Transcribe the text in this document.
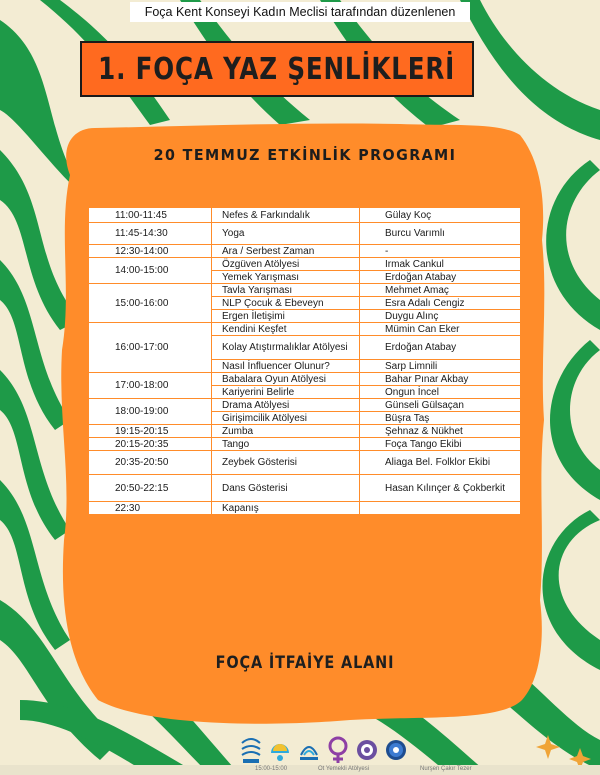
Foça Kent Konseyi Kadın Meclisi tarafından düzenlenen
1. FOÇA YAZ ŞENLİKLERİ
20 TEMMUZ ETKİNLİK PROGRAMI
11:00-11:45	Nefes & Farkındalık	Gülay Koç
11:45-14:30	Yoga	Burcu Varımlı
12:30-14:00	Ara / Serbest Zaman	-
14:00-15:00	Özgüven Atölyesi	Irmak Cankul
	Yemek Yarışması	Erdoğan Atabay
15:00-16:00	Tavla Yarışması	Mehmet Amaç
	NLP Çocuk & Ebeveyn	Esra Adalı Cengiz
	Ergen İletişimi	Duygu Alınç
16:00-17:00	Kendini Keşfet	Mümin Can Eker
	Kolay Atıştırmalıklar Atölyesi	Erdoğan Atabay
	Nasıl İnfluencer Olunur?	Sarp Limnili
17:00-18:00	Babalara Oyun Atölyesi	Bahar Pınar Akbay
	Kariyerini Belirle	Ongun İncel
18:00-19:00	Drama Atölyesi	Günseli Gülsaçan
	Girişimcilik Atölyesi	Büşra Taş
19:15-20:15	Zumba	Şehnaz & Nükhet
20:15-20:35	Tango	Foça Tango Ekibi
20:35-20:50	Zeybek Gösterisi	Aliaga Bel. Folklor Ekibi
20:50-22:15	Dans Gösterisi	Hasan Kılınçer & Çokberkit
22:30	Kapanış	
FOÇA İTFAİYE ALANI
15:00-15:00	Ot Yemekli Atölyesi	Nurşen Çakır Tezer
